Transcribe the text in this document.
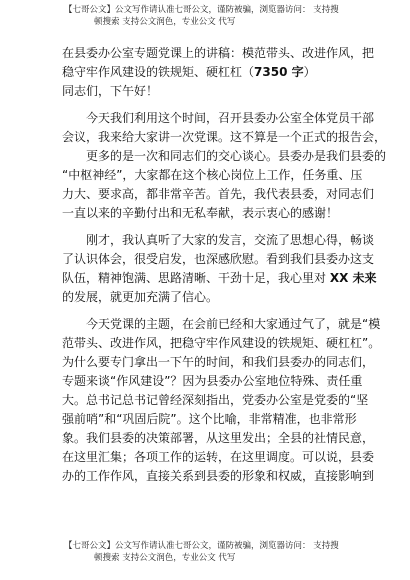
【七哥公文】公文写作请认准七哥公文，谨防被骗，浏览器访问： 支持搜
顿搜索 支持公文润色，专业公文 代写
在县委办公室专题党课上的讲稿：模范带头、改进作风，把
稳守牢作风建设的铁规矩、硬杠杠（7350 字）
同志们，下午好！
今天我们利用这个时间，召开县委办公室全体党员干部
会议，我来给大家讲一次党课。这不算是一个正式的报告会，
更多的是一次和同志们的交心谈心。县委办是我们县委的
“中枢神经”，大家都在这个核心岗位上工作，任务重、压
力大、要求高，都非常辛苦。首先，我代表县委，对同志们
一直以来的辛勤付出和无私奉献，表示衷心的感谢！
刚才，我认真听了大家的发言，交流了思想心得，畅谈
了认识体会，很受启发，也深感欣慰。看到我们县委办这支
队伍，精神饱满、思路清晰、干劲十足，我心里对 XX 未来
的发展，就更加充满了信心。
今天党课的主题，在会前已经和大家通过气了，就是“模
范带头、改进作风，把稳守牢作风建设的铁规矩、硬杠杠”。
为什么要专门拿出一下午的时间，和我们县委办的同志们，
专题来谈“作风建设”？因为县委办公室地位特殊、责任重
大。总书记总书记曾经深刻指出，党委办公室是党委的“坚
强前哨”和“巩固后院”。这个比喻，非常精准，也非常形
象。我们县委的决策部署，从这里发出；全县的社情民意，
在这里汇集；各项工作的运转，在这里调度。可以说，县委
办的工作作风，直接关系到县委的形象和权威，直接影响到
【七哥公文】公文写作请认准七哥公文，谨防被骗，浏览器访问： 支持搜
顿搜索 支持公文润色，专业公文 代写
